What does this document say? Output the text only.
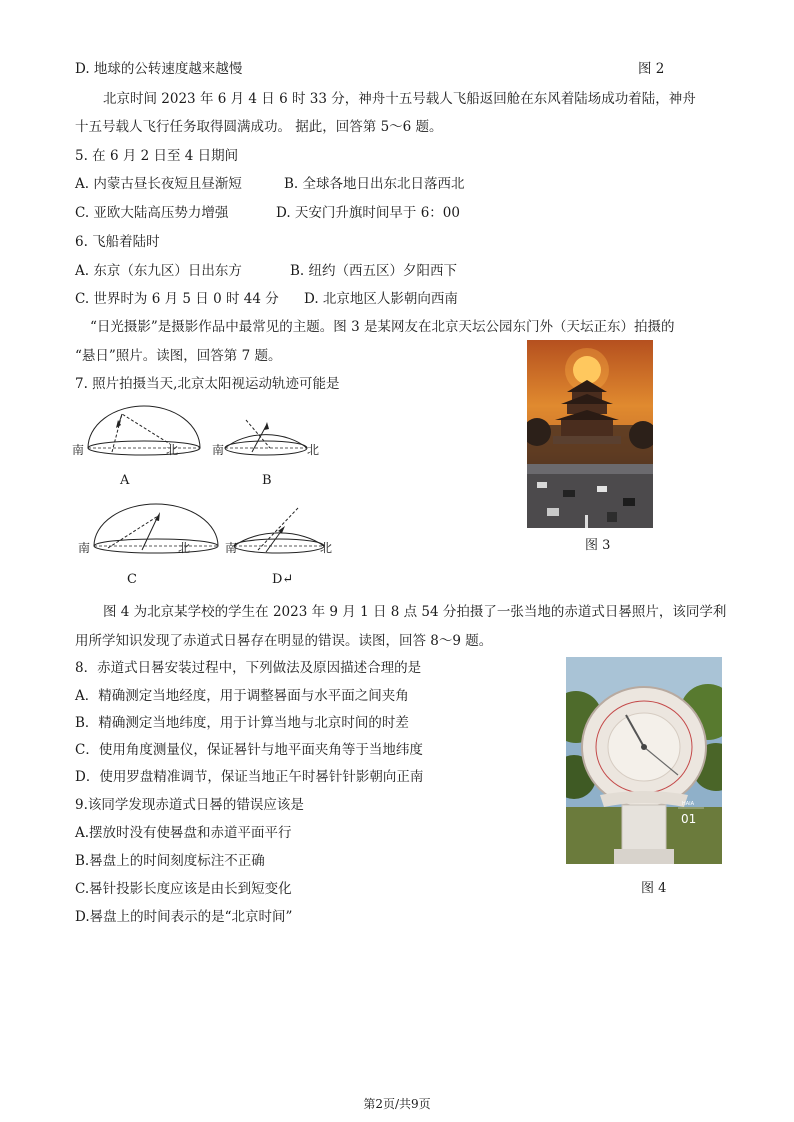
D. 地球的公转速度越来越慢	图 2
北京时间 2023 年 6 月 4 日 6 时 33 分，神舟十五号载人飞船返回舱在东风着陆场成功着陆，神舟
十五号载人飞行任务取得圆满成功。 据此，回答第 5～6 题。
5. 在 6 月 2 日至 4 日期间
A. 内蒙古昼长夜短且昼渐短	B. 全球各地日出东北日落西北
C. 亚欧大陆高压势力增强	D. 天安门升旗时间早于 6：00
6. 飞船着陆时
A. 东京（东九区）日出东方	B. 纽约（西五区）夕阳西下
C. 世界时为 6 月 5 日 0 时 44 分 D. 北京地区人影朝向西南
“日光摄影”是摄影作品中最常见的主题。图 3 是某网友在北京天坛公园东门外（天坛正东）拍摄的
“悬日”照片。读图，回答第 7 题。
7. 照片拍摄当天,北京太阳视运动轨迹可能是
南	北	南	北
A	B
南	北	南	北
C	D↵
图 3
图 4 为北京某学校的学生在 2023 年 9 月 1 日 8 点 54 分拍摄了一张当地的赤道式日晷照片，该同学利
用所学知识发现了赤道式日晷存在明显的错误。读图，回答 8～9 题。
8．赤道式日晷安装过程中，下列做法及原因描述合理的是
A．精确测定当地经度，用于调整晷面与水平面之间夹角
B．精确测定当地纬度，用于计算当地与北京时间的时差
C．使用角度测量仪，保证晷针与地平面夹角等于当地纬度
D．使用罗盘精准调节，保证当地正午时晷针针影朝向正南
9.该同学发现赤道式日晷的错误应该是
A.摆放时没有使晷盘和赤道平面平行
B.晷盘上的时间刻度标注不正确
C.晷针投影长度应该是由长到短变化
D.晷盘上的时间表示的是“北京时间”
HAIA
01
图 4
第2页/共9页
